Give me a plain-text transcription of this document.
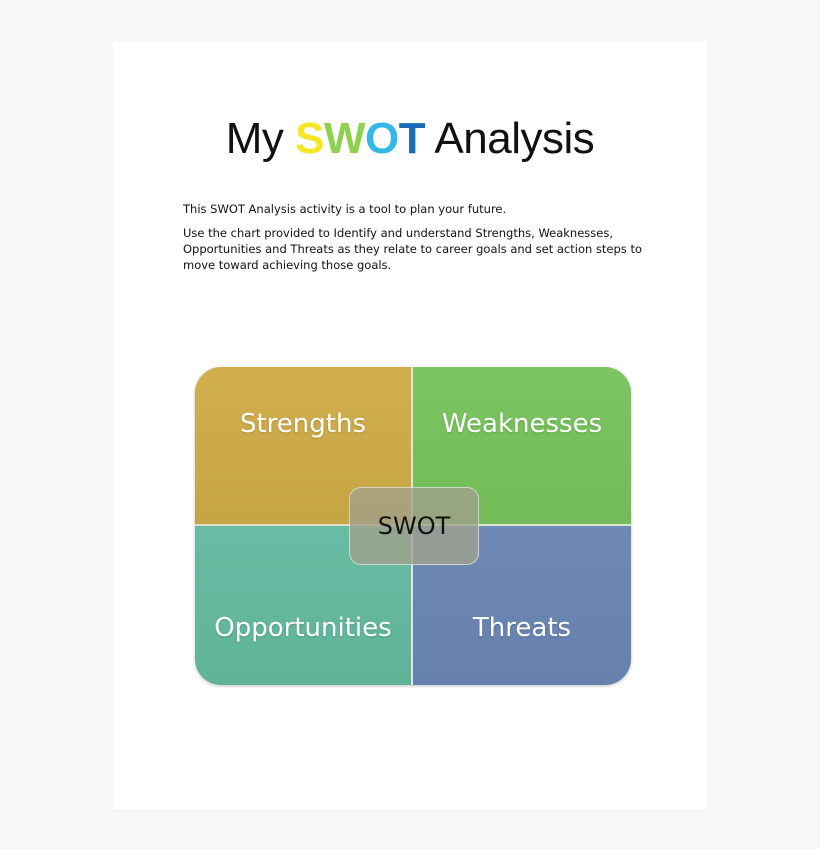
My SWOT Analysis

This SWOT Analysis activity is a tool to plan your future.

Use the chart provided to Identify and understand Strengths, Weaknesses, Opportunities and Threats as they relate to career goals and set action steps to move toward achieving those goals.

Strengths	Weaknesses
Opportunities	Threats
SWOT
